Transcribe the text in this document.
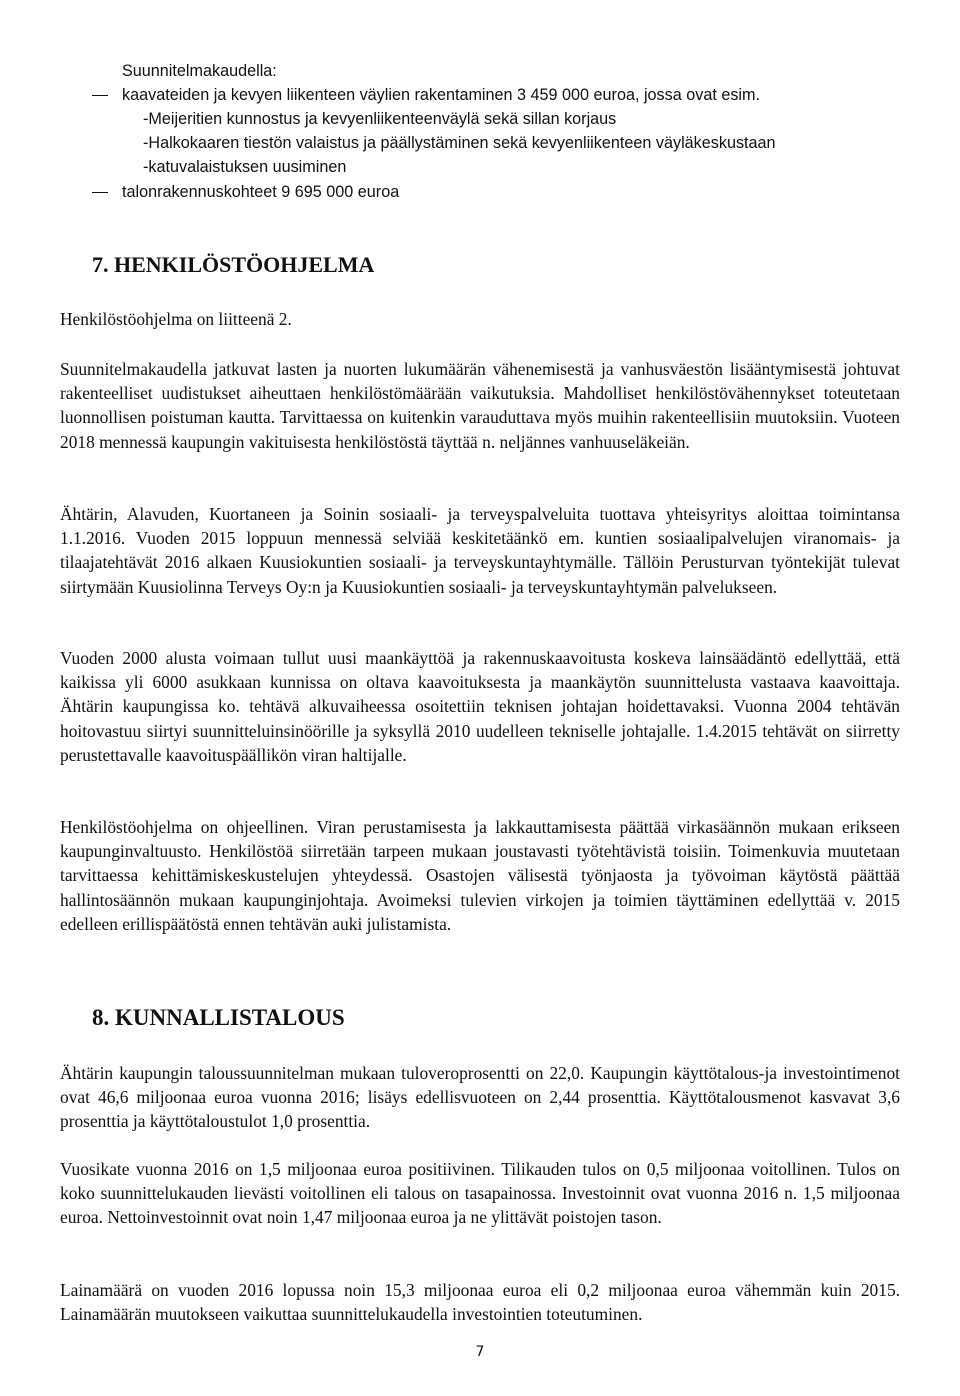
Suunnitelmakaudella:
kaavateiden ja kevyen liikenteen väylien rakentaminen 3 459 000 euroa, jossa ovat esim.
-Meijeritien kunnostus ja kevyenliikenteenväylä sekä sillan korjaus
-Halkokaaren tiestön valaistus ja päällystäminen sekä kevyenliikenteen väyläkeskustaan
-katuvalaistuksen uusiminen
talonrakennuskohteet 9 695 000 euroa
7. HENKILÖSTÖOHJELMA
Henkilöstöohjelma on liitteenä 2.

Suunnitelmakaudella jatkuvat lasten ja nuorten lukumäärän vähenemisestä ja vanhusväestön lisääntymisestä johtuvat rakenteelliset uudistukset aiheuttaen henkilöstömäärään vaikutuksia. Mahdolliset henkilöstövähennykset toteutetaan luonnollisen poistuman kautta. Tarvittaessa on kuitenkin varauduttava myös muihin rakenteellisiin muutoksiin. Vuoteen 2018 mennessä kaupungin vakituisesta henkilöstöstä täyttää n. neljännes vanhuuseläkeiän.

Ähtärin, Alavuden, Kuortaneen ja Soinin sosiaali- ja terveyspalveluita tuottava yhteisyritys aloittaa toimintansa 1.1.2016. Vuoden 2015 loppuun mennessä selviää keskitetäänkö em. kuntien sosiaalipalvelujen viranomais- ja tilaajatehtävät 2016 alkaen Kuusiokuntien sosiaali- ja terveyskuntayhtymälle. Tällöin Perusturvan työntekijät tulevat siirtymään Kuusiolinna Terveys Oy:n ja Kuusiokuntien sosiaali- ja terveyskuntayhtymän palvelukseen.

Vuoden 2000 alusta voimaan tullut uusi maankäyttöä ja rakennuskaavoitusta koskeva lainsäädäntö edellyttää, että kaikissa yli 6000 asukkaan kunnissa on oltava kaavoituksesta ja maankäytön suunnittelusta vastaava kaavoittaja. Ähtärin kaupungissa ko. tehtävä alkuvaiheessa osoitettiin teknisen johtajan hoidettavaksi. Vuonna 2004 tehtävän hoitovastuu siirtyi suunnitteluinsinöörille ja syksyllä 2010 uudelleen tekniselle johtajalle. 1.4.2015 tehtävät on siirretty perustettavalle kaavoituspäällikön viran haltijalle.

Henkilöstöohjelma on ohjeellinen. Viran perustamisesta ja lakkauttamisesta päättää virkasäännön mukaan erikseen kaupunginvaltuusto. Henkilöstöä siirretään tarpeen mukaan joustavasti työtehtävistä toisiin. Toimenkuvia muutetaan tarvittaessa kehittämiskeskustelujen yhteydessä. Osastojen välisestä työnjaosta ja työvoiman käytöstä päättää hallintosäännön mukaan kaupunginjohtaja. Avoimeksi tulevien virkojen ja toimien täyttäminen edellyttää v. 2015 edelleen erillispäätöstä ennen tehtävän auki julistamista.

8. KUNNALLISTALOUS

Ähtärin kaupungin taloussuunnitelman mukaan tuloveroprosentti on 22,0. Kaupungin käyttötalous-ja investointimenot ovat 46,6 miljoonaa euroa vuonna 2016; lisäys edellisvuoteen on 2,44 prosenttia. Käyttötalousmenot kasvavat 3,6 prosenttia ja käyttötaloustulot 1,0 prosenttia.

Vuosikate vuonna 2016 on 1,5 miljoonaa euroa positiivinen. Tilikauden tulos on 0,5 miljoonaa voitollinen. Tulos on koko suunnittelukauden lievästi voitollinen eli talous on tasapainossa. Investoinnit ovat vuonna 2016 n. 1,5 miljoonaa euroa. Nettoinvestoinnit ovat noin 1,47 miljoonaa euroa ja ne ylittävät poistojen tason.

Lainamäärä on vuoden 2016 lopussa noin 15,3 miljoonaa euroa eli 0,2 miljoonaa euroa vähemmän kuin 2015. Lainamäärän muutokseen vaikuttaa suunnittelukaudella investointien toteutuminen.

7
